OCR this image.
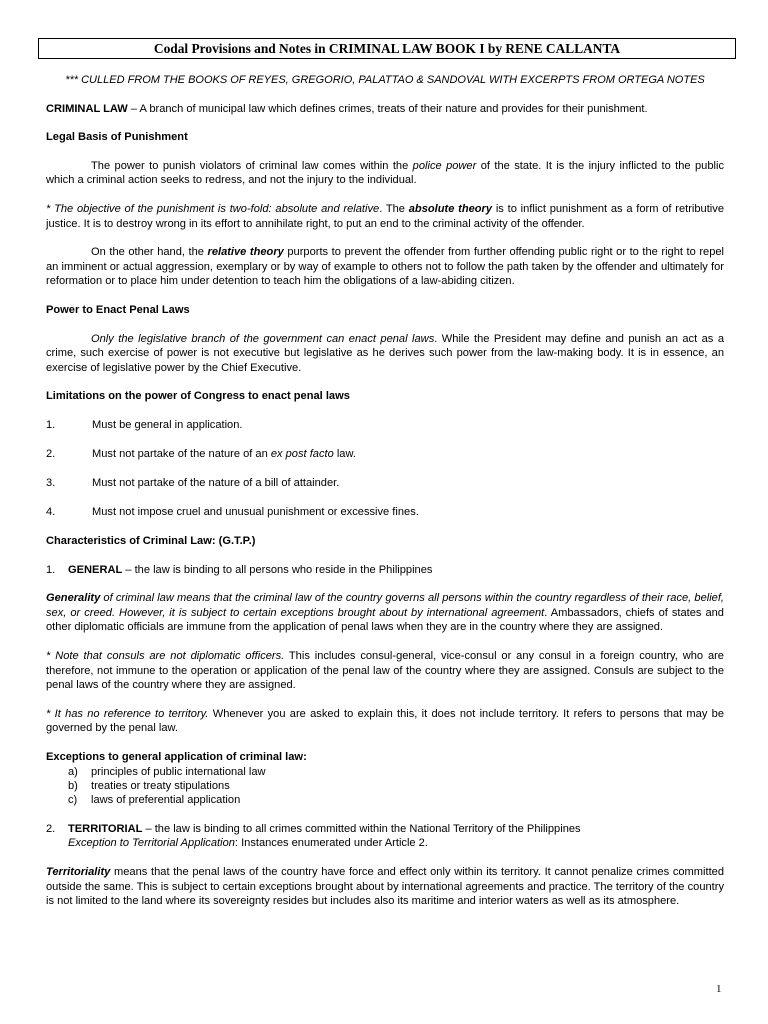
Codal Provisions and Notes in CRIMINAL LAW BOOK I by RENE CALLANTA

*** CULLED FROM THE BOOKS OF REYES, GREGORIO, PALATTAO & SANDOVAL WITH EXCERPTS FROM ORTEGA NOTES

CRIMINAL LAW – A branch of municipal law which defines crimes, treats of their nature and provides for their punishment.

Legal Basis of Punishment

The power to punish violators of criminal law comes within the police power of the state. It is the injury inflicted to the public which a criminal action seeks to redress, and not the injury to the individual.

* The objective of the punishment is two-fold: absolute and relative. The absolute theory is to inflict punishment as a form of retributive justice. It is to destroy wrong in its effort to annihilate right, to put an end to the criminal activity of the offender.

On the other hand, the relative theory purports to prevent the offender from further offending public right or to the right to repel an imminent or actual aggression, exemplary or by way of example to others not to follow the path taken by the offender and ultimately for reformation or to place him under detention to teach him the obligations of a law-abiding citizen.

Power to Enact Penal Laws

Only the legislative branch of the government can enact penal laws. While the President may define and punish an act as a crime, such exercise of power is not executive but legislative as he derives such power from the law-making body. It is in essence, an exercise of legislative power by the Chief Executive.

Limitations on the power of Congress to enact penal laws

1.	Must be general in application.
2.	Must not partake of the nature of an ex post facto law.
3.	Must not partake of the nature of a bill of attainder.
4.	Must not impose cruel and unusual punishment or excessive fines.

Characteristics of Criminal Law: (G.T.P.)

1.	GENERAL – the law is binding to all persons who reside in the Philippines

Generality of criminal law means that the criminal law of the country governs all persons within the country regardless of their race, belief, sex, or creed. However, it is subject to certain exceptions brought about by international agreement. Ambassadors, chiefs of states and other diplomatic officials are immune from the application of penal laws when they are in the country where they are assigned.

* Note that consuls are not diplomatic officers. This includes consul-general, vice-consul or any consul in a foreign country, who are therefore, not immune to the operation or application of the penal law of the country where they are assigned. Consuls are subject to the penal laws of the country where they are assigned.

* It has no reference to territory. Whenever you are asked to explain this, it does not include territory. It refers to persons that may be governed by the penal law.

Exceptions to general application of criminal law:

a)	principles of public international law
b)	treaties or treaty stipulations
c)	laws of preferential application
2.	TERRITORIAL – the law is binding to all crimes committed within the National Territory of the Philippines
Exception to Territorial Application: Instances enumerated under Article 2.

Territoriality means that the penal laws of the country have force and effect only within its territory. It cannot penalize crimes committed outside the same. This is subject to certain exceptions brought about by international agreements and practice. The territory of the country is not limited to the land where its sovereignty resides but includes also its maritime and interior waters as well as its atmosphere.

1
